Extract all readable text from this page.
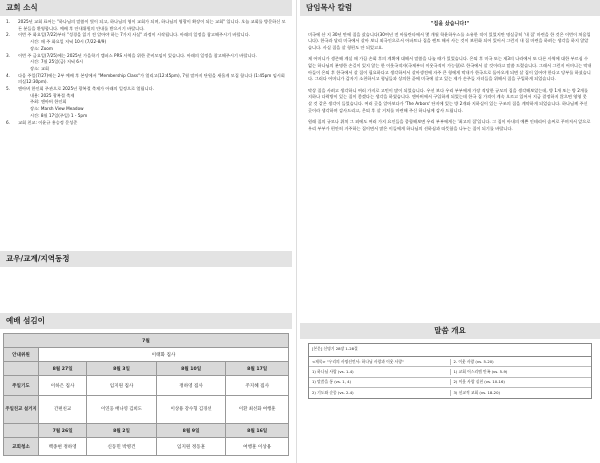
교회 소식
1.	2025년 교회 표어는 "하나님의 말씀이 빛이 되고, 하나님의 영이 교회가 되며, 하나님의 영광이 확장이 되는 교회" 입니다. 오늘 교회를 방문하신 모든 분들을 환영합니다. 예배 후 안내위원의 안내를 받으시기 바랍니다.
2.	이번 주 화요일(7/22)부터 "성경을 읽기 전 알아야 하는 7가지 사실" 과정이 시작됩니다. 아래의 일정을 참고해주시기 바랍니다.
시간: 매 주 화요일 저녁 10시 (7/22-8/9)
장소: Zoom
3.	이번 주 금요일(7/25)에는 2025년 가을학기 캠퍼스 PRS 사역을 위한 준비모임이 있습니다. 아래의 일정을 참고해주시기 바랍니다.
시간: 7월 25일(금) 저녁 6시
장소: 교회
4.	다음 주일(7/27)에는 2부 예배 후 본당에서 "Membership Class"가 열리고(12:45pm), 7월 말까지 단원을 새롭게 모집 합니다 (1:45pm 임시회의실12:30pm).
5.	앤아버 한인회 주관으로 2025년 광복절 축제가 아래의 일정으로 열립니다.
내용: 2025 광복절 축제
주최: 앤아버 한인회
장소: Marsh View Meadow
시간: 8월 17일(주일) 1 - 5pm
6.	교회 친교: 이윤규 홍승정 문성준
교우/교계/지역동정
예배 섬김이
7월				
안내위원	이태화 집사			
	8월 27일	8월 3일	8월 10일	8월 17일
주일기도	이하은 집사	임지원 집사	정하영 집사	주지혜 집사
주일친교 설거지	간편친교	이연웅 배나영 김희도	이상용 강수형 김경선	이환 최선화 여행훈
	7월 26일	8월 2일	8월 9일	8월 16일
교회청소	백종현 정하영	신동민 박병건	임지원 정동훈	여행훈 이상용
담임목사 칼럼
"집을 샀습니다!"

미국에 산 지 30년 만에 집을 샀습니다(30여년 전 아틀란타에서 몇 개월 학윤하우스를 소유한 적이 있었지만 명실공히 '내 집' 마련을 한 것은 이번이 처음입니다). 한국과 달리 미국에서 살아 보니 외국인으로서 아파트나 집을 렌트 해서 사는 것이 보편화 되어 있어서 그런지 내 집 마련을 하려는 생각을 하지 않았습니다. 사실 집을 살 형편도 안 되었고요.

제 어머니가 생존해 계실 때 가끔 손회 후의 계획에 대해서 말씀을 나눌 때가 있었습니다. 은퇴 후 미국 또는 제3의 나라에서 또 다른 사역에 대한 부르심 수 없는 하나님의 분명한 손길이 있지 않는 한 이웃국적자(국제부터 이웃국적이 가능함)로 한국에서 살 것이라고 말씀 드렸습니다. 그래서 그런지 어머니는 막내 아들이 은퇴 후 한국에서 살 집이 필요하다고 생각하셔서 살아생전에 자주 큰 형에게 막내가 한국으로 돌아오게 되면 살 집이 있어야 한다고 당부를 하셨습니다. 그러다 어머니가 갑자기 소천하시고 형님들과 상의한 끝에 미국에 살고 있는 제가 손주들 자녀들을 위해서 집을 구입하게 되었습니다.

막상 집을 사려고 생각하니 여러 가지로 고민이 많이 되었습니다. 우선 보다 우리 부부에게 가장 적당한 규모의 집을 생각해보았는데, 방 1개 또는 방 2개를 지하나 다락방이 있는 집이 좋겠다는 생각을 하였습니다. 앤아버에서 구입하게 되었는데 한국 집 가격이 계속 오르고 있어서 지금 결정하지 않으면 영영 못 살 것 같은 생각이 들었습니다. 여러 곳을 알아보다가 'The Arbors' 단지에 있는 방 2개와 지하실이 있는 구조의 집을 계약하게 되었습니다. 하나님께 주신 곳이라 생각하며 감사드리고, 은퇴 후 살 거처를 마련해 주신 하나님께 감사 드립니다.

원래 집의 규모나 위치 그 외에도 여러 가지 요인들을 종합해보면 우리 부부에게는 '최고의 집'입니다. 그 집이 아내의 예쁜 인테리어 솜씨로 꾸며져서 앞으로 우리 부부가 편안히 거주하는 집이면서 많은 이들에게 하나님의 선하심과 따뜻함을 나누는 집이 되기를 바랍니다.

말씀 개요
[본문] 신명기 28장 1-28절
<제목> "우리의 사명선언서: 하나님 사랑과 이웃 사랑"	2. 이웃 사랑 (vs. 5-20)
1) 하나님 사랑 (vs. 1-4)	1) 교회 어스리엠 만족 (vs. 5-9)
1) 말씀을 통 (vs. 1, 4)	2) 이웃 사랑 실천 (vs. 10-16)
2) 기도와 순종 (vs. 2-4)	3) 선교적 교회 (vs. 18-20)
